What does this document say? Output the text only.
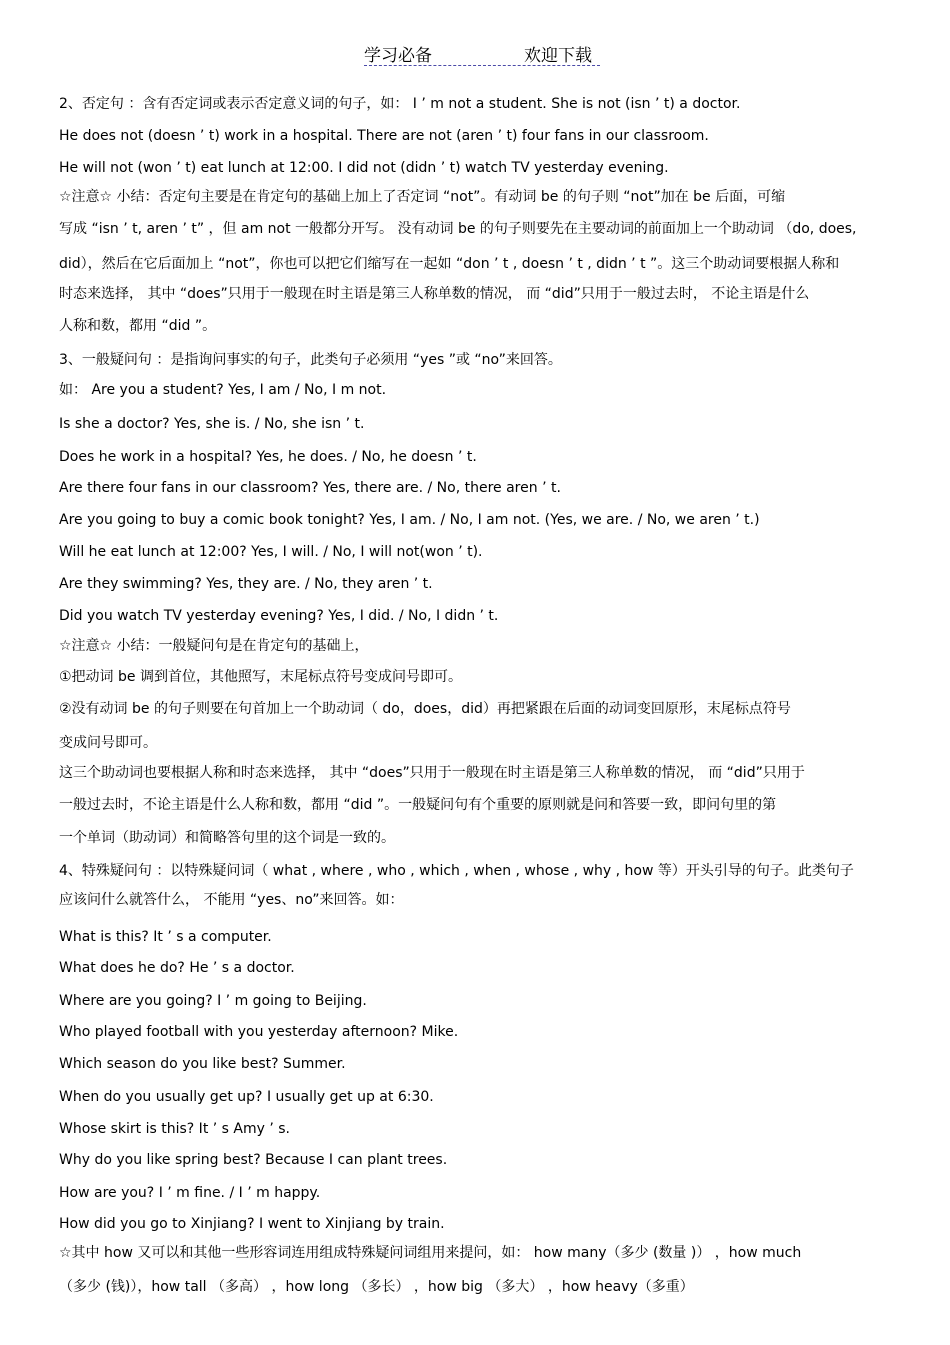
学习必备	欢迎下载
2、否定句 ：含有否定词或表示否定意义词的句子，如： I ’ m not a student. She is not (isn ’ t) a doctor.
He does not (doesn ’ t) work in a hospital. There are not (aren ’ t) four fans in our classroom.
He will not (won ’ t) eat lunch at 12:00. I did not (didn ’ t) watch TV yesterday evening.
☆注意☆ 小结：否定句主要是在肯定句的基础上加上了否定词 “not”。有动词 be 的句子则 “not”加在 be 后面，可缩
写成 “isn ’ t, aren ’ t” ，但 am not 一般都分开写。 没有动词 be 的句子则要先在主要动词的前面加上一个助动词 （do, does,
did），然后在它后面加上 “not”，你也可以把它们缩写在一起如 “don ’ t , doesn ’ t , didn ’ t ”。这三个助动词要根据人称和
时态来选择， 其中 “does”只用于一般现在时主语是第三人称单数的情况， 而 “did”只用于一般过去时， 不论主语是什么
人称和数，都用 “did ”。
3、一般疑问句 ：是指询问事实的句子，此类句子必须用 “yes ”或 “no”来回答。
如： Are you a student? Yes, I am / No, I m not.
Is she a doctor? Yes, she is. / No, she isn ’ t.
Does he work in a hospital? Yes, he does. / No, he doesn ’ t.
Are there four fans in our classroom? Yes, there are. / No, there aren ’ t.
Are you going to buy a comic book tonight? Yes, I am. / No, I am not. (Yes, we are. / No, we aren ’ t.)
Will he eat lunch at 12:00? Yes, I will. / No, I will not(won ’ t).
Are they swimming? Yes, they are. / No, they aren ’ t.
Did you watch TV yesterday evening? Yes, I did. / No, I didn ’ t.
☆注意☆ 小结：一般疑问句是在肯定句的基础上，
①把动词 be 调到首位，其他照写，末尾标点符号变成问号即可。
②没有动词 be 的句子则要在句首加上一个助动词（ do，does，did）再把紧跟在后面的动词变回原形，末尾标点符号
变成问号即可。
这三个助动词也要根据人称和时态来选择， 其中 “does”只用于一般现在时主语是第三人称单数的情况， 而 “did”只用于
一般过去时，不论主语是什么人称和数，都用 “did ”。一般疑问句有个重要的原则就是问和答要一致，即问句里的第
一个单词（助动词）和简略答句里的这个词是一致的。
4、特殊疑问句 ：以特殊疑问词（ what , where , who , which , when , whose , why , how 等）开头引导的句子。此类句子
应该问什么就答什么， 不能用 “yes、no”来回答。如：
What is this? It ’ s a computer.
What does he do? He ’ s a doctor.
Where are you going? I ’ m going to Beijing.
Who played football with you yesterday afternoon? Mike.
Which season do you like best? Summer.
When do you usually get up? I usually get up at 6:30.
Whose skirt is this? It ’ s Amy ’ s.
Why do you like spring best? Because I can plant trees.
How are you? I ’ m fine. / I ’ m happy.
How did you go to Xinjiang? I went to Xinjiang by train.
☆其中 how 又可以和其他一些形容词连用组成特殊疑问词组用来提问，如： how many（多少 (数量 )） ，how much
（多少 (钱)），how tall （多高） ，how long （多长） ，how big （多大） ，how heavy（多重）
